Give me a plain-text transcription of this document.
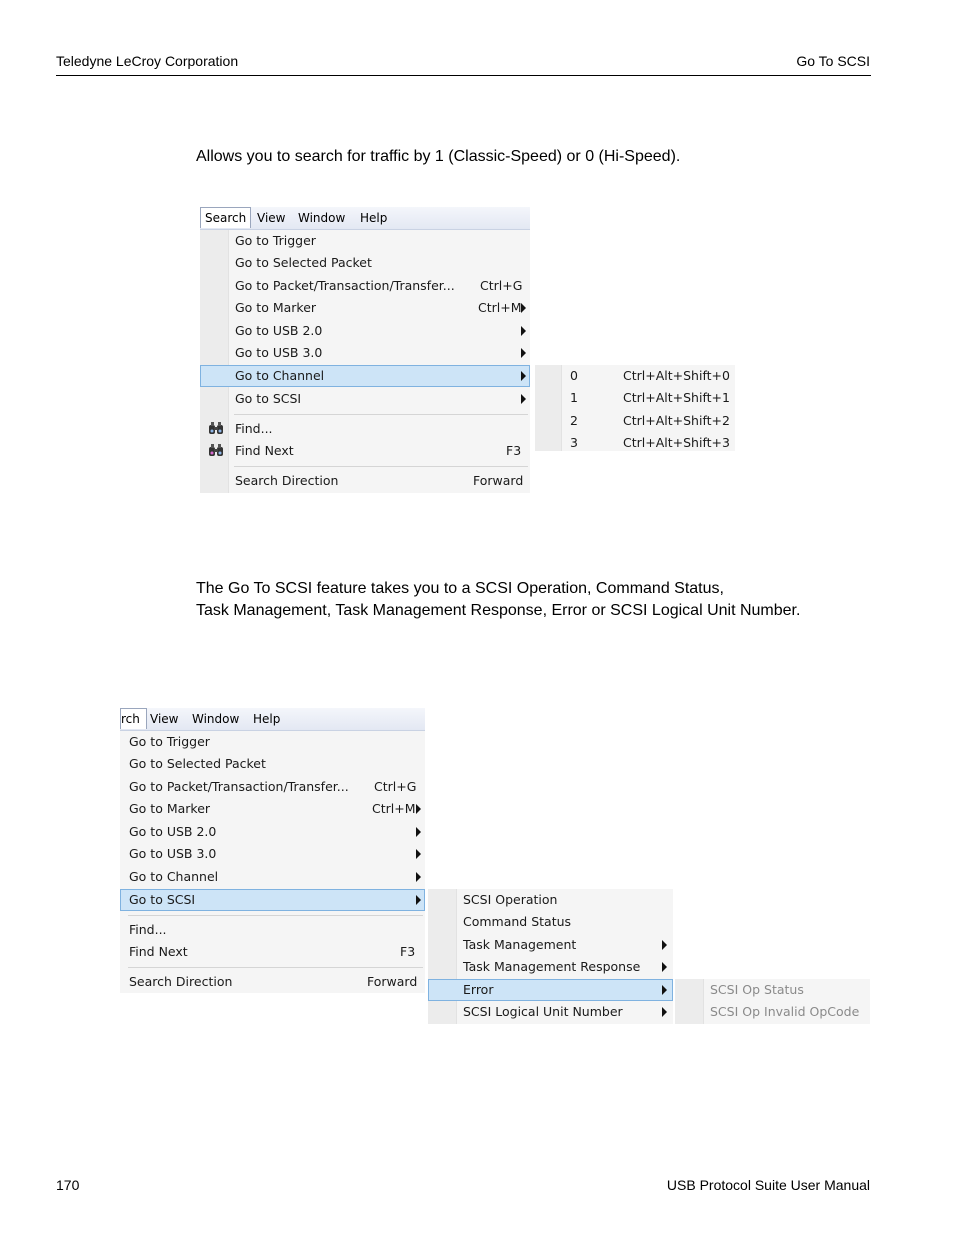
Teledyne LeCroy Corporation	Go To SCSI
Allows you to search for traffic by 1 (Classic-Speed) or 0 (Hi-Speed).
Search View Window Help
Go to Trigger
Go to Selected Packet
Go to Packet/Transaction/Transfer... Ctrl+G
Go to Marker	Ctrl+M
Go to USB 2.0
Go to USB 3.0
Go to Channel
Go to SCSI
Find...
Find Next	F3
Search Direction	Forward
0	Ctrl+Alt+Shift+0
1	Ctrl+Alt+Shift+1
2	Ctrl+Alt+Shift+2
3	Ctrl+Alt+Shift+3
The Go To SCSI feature takes you to a SCSI Operation, Command Status,
Task Management, Task Management Response, Error or SCSI Logical Unit Number.
rch View Window Help
Go to Trigger
Go to Selected Packet
Go to Packet/Transaction/Transfer... Ctrl+G
Go to Marker	Ctrl+M
Go to USB 2.0
Go to USB 3.0
Go to Channel
Go to SCSI
Find...
Find Next	F3
Search Direction	Forward
SCSI Operation
Command Status
Task Management
Task Management Response
Error
SCSI Logical Unit Number
SCSI Op Status
SCSI Op Invalid OpCode
170	USB Protocol Suite User Manual
